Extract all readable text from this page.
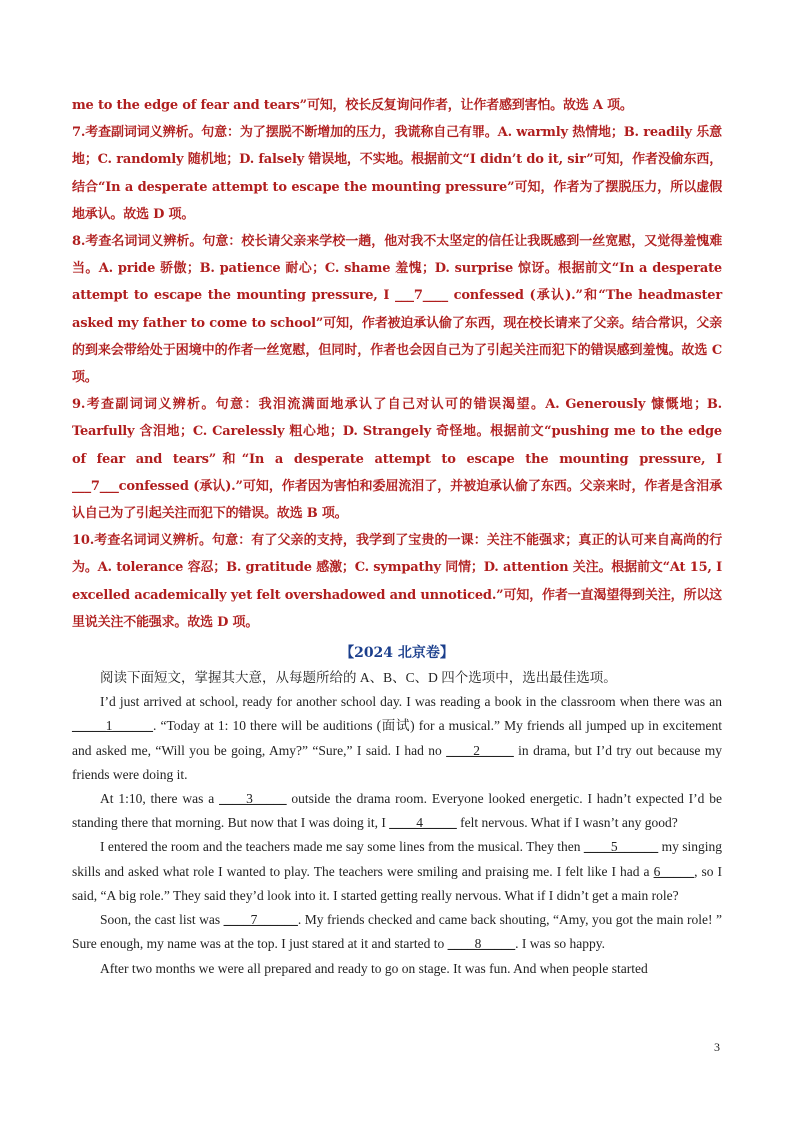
me to the edge of fear and tears”可知，校长反复询问作者，让作者感到害怕。故选 A 项。

7.考查副词词义辨析。句意：为了摆脱不断增加的压力，我谎称自己有罪。A. warmly 热情地；B. readily 乐意地；C. randomly 随机地；D. falsely 错误地，不实地。根据前文“I didn’t do it, sir”可知，作者没偷东西，结合“In a desperate attempt to escape the mounting pressure”可知，作者为了摆脱压力，所以虚假地承认。故选 D 项。

8.考查名词词义辨析。句意：校长请父亲来学校一趟，他对我不太坚定的信任让我既感到一丝宽慰，又觉得羞愧难当。A. pride 骄傲；B. patience 耐心；C. shame 羞愧；D. surprise 惊讶。根据前文“In a desperate attempt to escape the mounting pressure, I ___7____ confessed (承认).”和“The headmaster asked my father to come to school”可知，作者被迫承认偷了东西，现在校长请来了父亲。结合常识，父亲的到来会带给处于困境中的作者一丝宽慰，但同时，作者也会因自己为了引起关注而犯下的错误感到羞愧。故选 C 项。

9.考查副词词义辨析。句意：我泪流满面地承认了自己对认可的错误渴望。A. Generously 慷慨地；B. Tearfully 含泪地；C. Carelessly 粗心地；D. Strangely 奇怪地。根据前文“pushing me to the edge of fear and tears”和“In a desperate attempt to escape the mounting pressure, I ___7___confessed (承认).”可知，作者因为害怕和委屈流泪了，并被迫承认偷了东西。父亲来时，作者是含泪承认自己为了引起关注而犯下的错误。故选 B 项。

10.考查名词词义辨析。句意：有了父亲的支持，我学到了宝贵的一课：关注不能强求；真正的认可来自高尚的行为。A. tolerance 容忍；B. gratitude 感激；C. sympathy 同情；D. attention 关注。根据前文“At 15, I excelled academically yet felt overshadowed and unnoticed.”可知，作者一直渴望得到关注，所以这里说关注不能强求。故选 D 项。

【2024 北京卷】

阅读下面短文，掌握其大意，从每题所给的 A、B、C、D 四个选项中，选出最佳选项。

I’d just arrived at school, ready for another school day. I was reading a book in the classroom when there was an _____1______. “Today at 1: 10 there will be auditions (面试) for a musical.” My friends all jumped up in excitement and asked me, “Will you be going, Amy?” “Sure,” I said. I had no ____2_____ in drama, but I’d try out because my friends were doing it.

At 1:10, there was a ____3_____ outside the drama room. Everyone looked energetic. I hadn’t expected I’d be standing there that morning. But now that I was doing it, I ____4_____ felt nervous. What if I wasn’t any good?

I entered the room and the teachers made me say some lines from the musical. They then ____5______ my singing skills and asked what role I wanted to play. The teachers were smiling and praising me. I felt like I had a 6_____, so I said, “A big role.” They said they’d look into it. I started getting really nervous. What if I didn’t get a main role?

Soon, the cast list was ____7______. My friends checked and came back shouting, “Amy, you got the main role! ” Sure enough, my name was at the top. I just stared at it and started to ____8_____. I was so happy.

After two months we were all prepared and ready to go on stage. It was fun. And when people started

3
